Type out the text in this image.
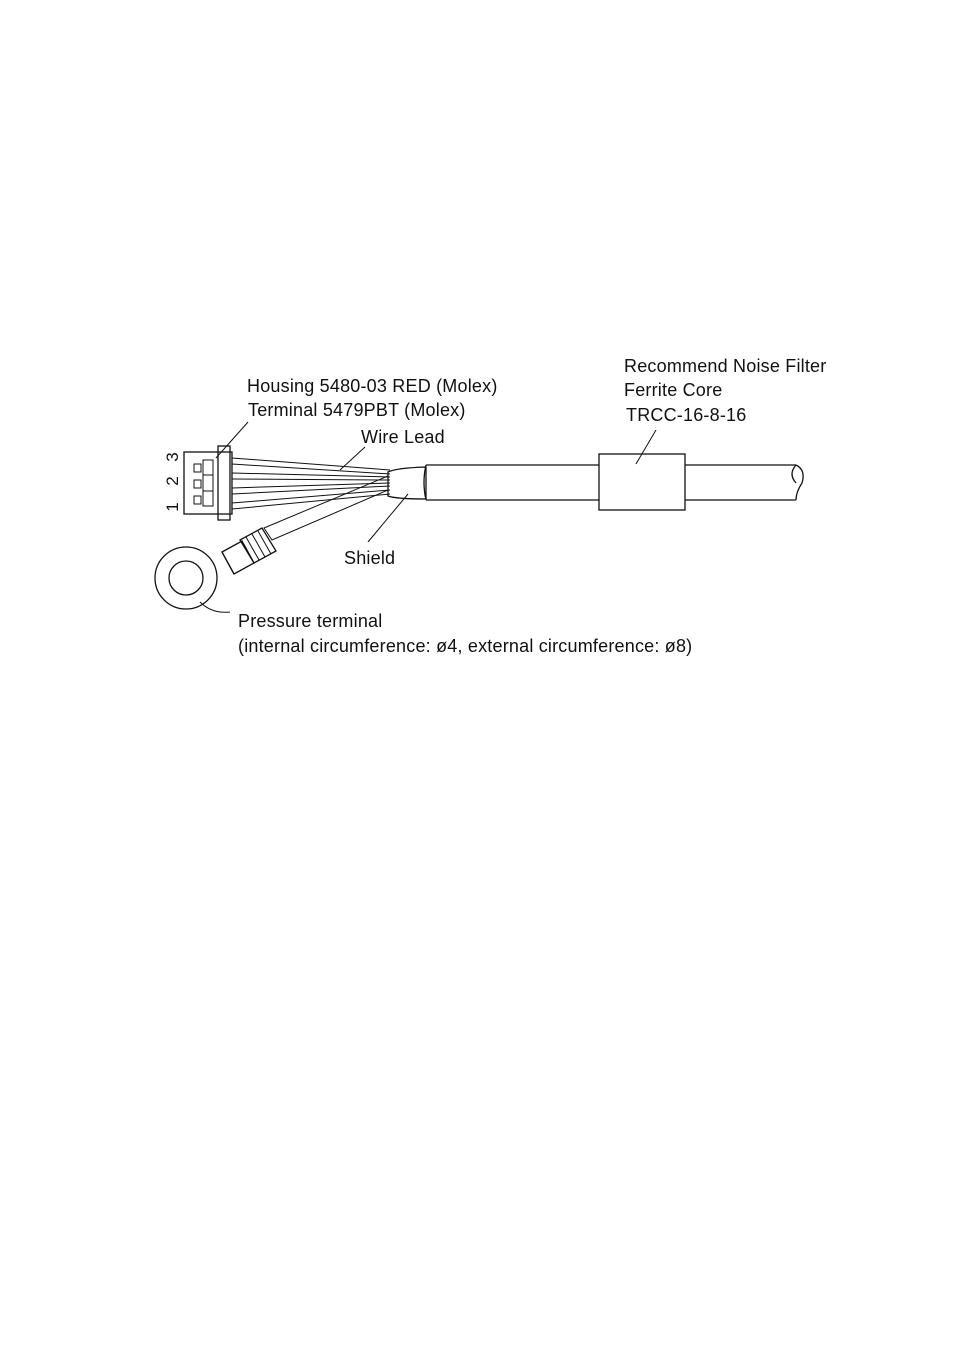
1
2
3
Housing 5480-03 RED (Molex)
Terminal 5479PBT (Molex)
Wire Lead
Shield
Recommend Noise Filter
Ferrite Core
TRCC-16-8-16
Pressure terminal
(internal circumference: ø4, external circumference: ø8)
